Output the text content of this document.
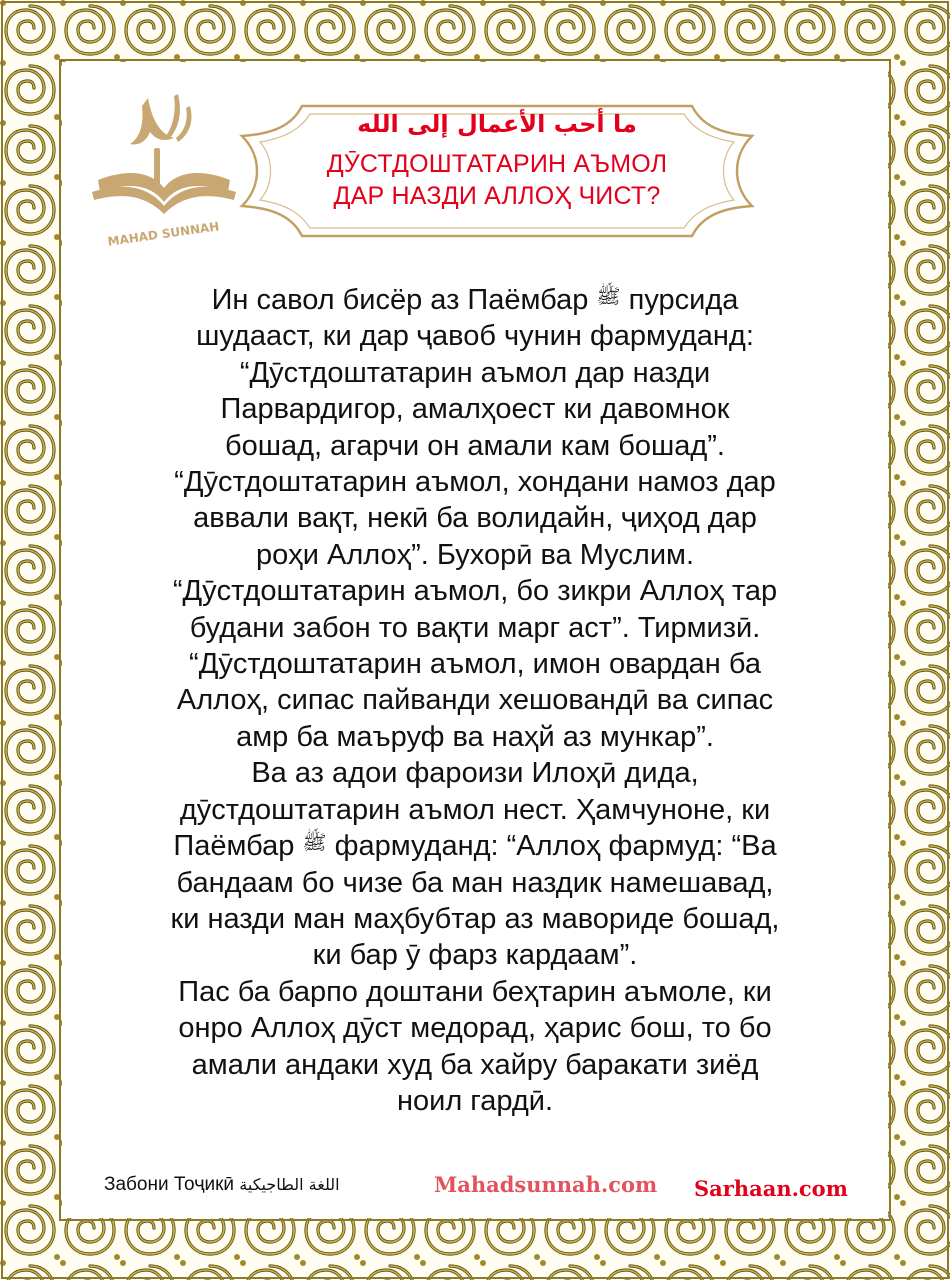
MAHAD SUNNAH
ما أحب الأعمال إلى الله
ДӮСТДОШТАТАРИН АЪМОЛ
ДАР НАЗДИ АЛЛОҲ ЧИСТ?
Ин савол бисёр аз Паёмбар ﷺ пурсида
шудааст, ки дар ҷавоб чунин фармуданд:
“Дӯстдоштатарин аъмол дар назди
Парвардигор, амалҳоест ки давомнок
бошад, агарчи он амали кам бошад”.
“Дӯстдоштатарин аъмол, хондани намоз дар
аввали вақт, некӣ ба волидайн, ҷиҳод дар
роҳи Аллоҳ”. Бухорӣ ва Муслим.
“Дӯстдоштатарин аъмол, бо зикри Аллоҳ тар
будани забон то вақти марг аст”. Тирмизӣ.
“Дӯстдоштатарин аъмол, имон овардан ба
Аллоҳ, сипас пайванди хешовандӣ ва сипас
амр ба маъруф ва наҳй аз мункар”.
Ва аз адои фароизи Илоҳӣ дида,
дӯстдоштатарин аъмол нест. Ҳамчуноне, ки
Паёмбар ﷺ фармуданд: “Аллоҳ фармуд: “Ва
бандаам бо чизе ба ман наздик намешавад,
ки назди ман маҳбубтар аз мавориде бошад,
ки бар ӯ фарз кардаам”.
Пас ба барпо доштани беҳтарин аъмоле, ки
онро Аллоҳ дӯст медорад, ҳарис бош, то бо
амали андаки худ ба хайру баракати зиёд
ноил гардӣ.
Забони Тоҷикӣ اللغة الطاجيكية	Mahadsunnah.com Sarhaan.com
